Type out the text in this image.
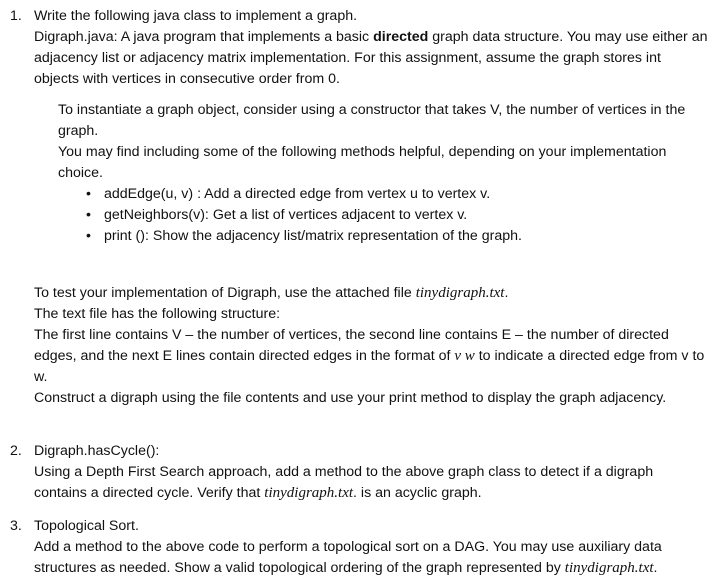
1. Write the following java class to implement a graph.

Digraph.java: A java program that implements a basic directed graph data structure. You may use either an adjacency list or adjacency matrix implementation. For this assignment, assume the graph stores int objects with vertices in consecutive order from 0.

To instantiate a graph object, consider using a constructor that takes V, the number of vertices in the graph.

You may find including some of the following methods helpful, depending on your implementation choice.

• addEdge(u, v) : Add a directed edge from vertex u to vertex v.
• getNeighbors(v): Get a list of vertices adjacent to vertex v.
• print (): Show the adjacency list/matrix representation of the graph.

To test your implementation of Digraph, use the attached file tinydigraph.txt.

The text file has the following structure:

The first line contains V – the number of vertices, the second line contains E – the number of directed edges, and the next E lines contain directed edges in the format of v w to indicate a directed edge from v to w.

Construct a digraph using the file contents and use your print method to display the graph adjacency.

2. Digraph.hasCycle():

Using a Depth First Search approach, add a method to the above graph class to detect if a digraph contains a directed cycle. Verify that tinydigraph.txt. is an acyclic graph.

3. Topological Sort.

Add a method to the above code to perform a topological sort on a DAG. You may use auxiliary data structures as needed. Show a valid topological ordering of the graph represented by tinydigraph.txt.
